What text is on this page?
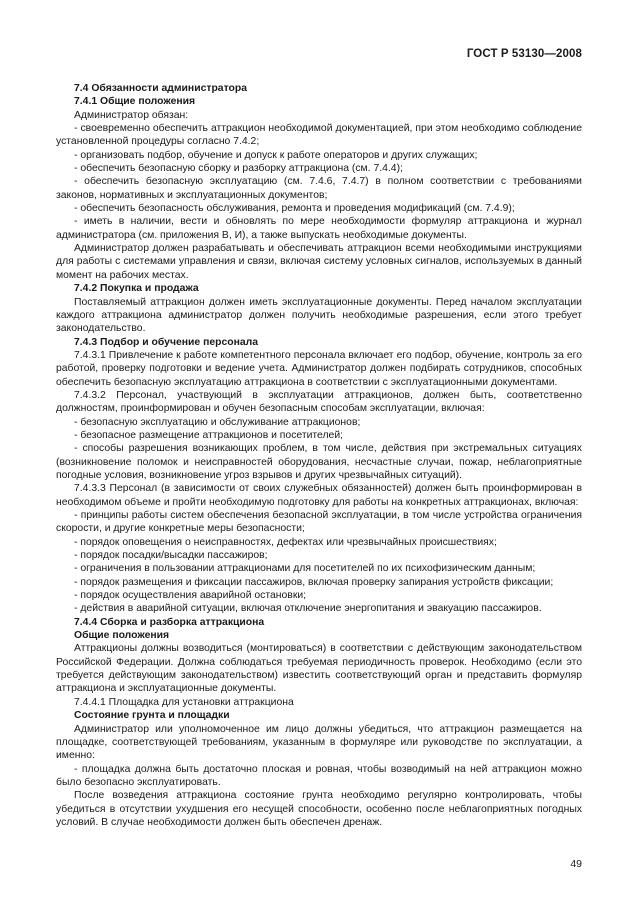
ГОСТ Р 53130—2008

7.4 Обязанности администратора

7.4.1 Общие положения

Администратор обязан:

- своевременно обеспечить аттракцион необходимой документацией, при этом необходимо соблюдение установленной процедуры согласно 7.4.2;

- организовать подбор, обучение и допуск к работе операторов и других служащих;

- обеспечить безопасную сборку и разборку аттракциона (см. 7.4.4);

- обеспечить безопасную эксплуатацию (см. 7.4.6, 7.4.7) в полном соответствии с требованиями законов, нормативных и эксплуатационных документов;

- обеспечить безопасность обслуживания, ремонта и проведения модификаций (см. 7.4.9);

- иметь в наличии, вести и обновлять по мере необходимости формуляр аттракциона и журнал администратора (см. приложения В, И), а также выпускать необходимые документы.

Администратор должен разрабатывать и обеспечивать аттракцион всеми необходимыми инструкциями для работы с системами управления и связи, включая систему условных сигналов, используемых в данный момент на рабочих местах.

7.4.2 Покупка и продажа

Поставляемый аттракцион должен иметь эксплуатационные документы. Перед началом эксплуатации каждого аттракциона администратор должен получить необходимые разрешения, если этого требует законодательство.

7.4.3 Подбор и обучение персонала

7.4.3.1 Привлечение к работе компетентного персонала включает его подбор, обучение, контроль за его работой, проверку подготовки и ведение учета. Администратор должен подбирать сотрудников, способных обеспечить безопасную эксплуатацию аттракциона в соответствии с эксплуатационными документами.

7.4.3.2 Персонал, участвующий в эксплуатации аттракционов, должен быть, соответственно должностям, проинформирован и обучен безопасным способам эксплуатации, включая:

- безопасную эксплуатацию и обслуживание аттракционов;

- безопасное размещение аттракционов и посетителей;

- способы разрешения возникающих проблем, в том числе, действия при экстремальных ситуациях (возникновение поломок и неисправностей оборудования, несчастные случаи, пожар, неблагоприятные погодные условия, возникновение угроз взрывов и других чрезвычайных ситуаций).

7.4.3.3 Персонал (в зависимости от своих служебных обязанностей) должен быть проинформирован в необходимом объеме и пройти необходимую подготовку для работы на конкретных аттракционах, включая:

- принципы работы систем обеспечения безопасной эксплуатации, в том числе устройства ограничения скорости, и другие конкретные меры безопасности;

- порядок оповещения о неисправностях, дефектах или чрезвычайных происшествиях;

- порядок посадки/высадки пассажиров;

- ограничения в пользовании аттракционами для посетителей по их психофизическим данным;

- порядок размещения и фиксации пассажиров, включая проверку запирания устройств фиксации;

- порядок осуществления аварийной остановки;

- действия в аварийной ситуации, включая отключение энергопитания и эвакуацию пассажиров.

7.4.4 Сборка и разборка аттракциона

Общие положения

Аттракционы должны возводиться (монтироваться) в соответствии с действующим законодательством Российской Федерации. Должна соблюдаться требуемая периодичность проверок. Необходимо (если это требуется действующим законодательством) известить соответствующий орган и представить формуляр аттракциона и эксплуатационные документы.

7.4.4.1 Площадка для установки аттракциона

Состояние грунта и площадки

Администратор или уполномоченное им лицо должны убедиться, что аттракцион размещается на площадке, соответствующей требованиям, указанным в формуляре или руководстве по эксплуатации, а именно:

- площадка должна быть достаточно плоская и ровная, чтобы возводимый на ней аттракцион можно было безопасно эксплуатировать.

После возведения аттракциона состояние грунта необходимо регулярно контролировать, чтобы убедиться в отсутствии ухудшения его несущей способности, особенно после неблагоприятных погодных условий. В случае необходимости должен быть обеспечен дренаж.

49
